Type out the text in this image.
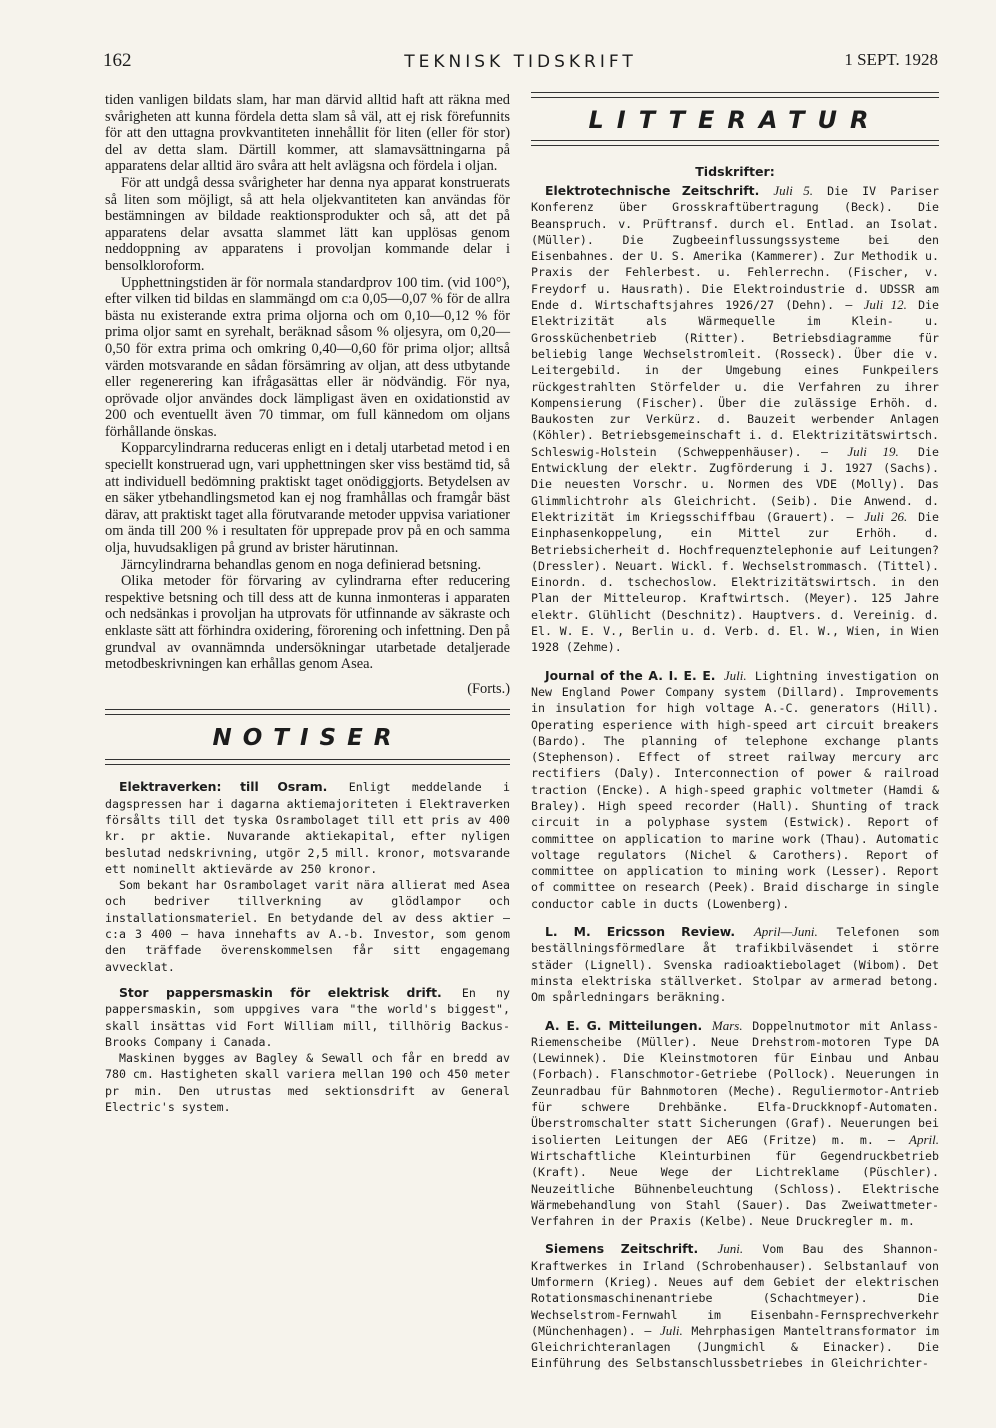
162	TEKNISK TIDSKRIFT	1 SEPT. 1928

tiden vanligen bildats slam, har man därvid alltid haft att räkna med svårigheten att kunna fördela detta slam så väl, att ej risk förefunnits för att den uttagna provkvantiteten innehållit för liten (eller för stor) del av detta slam. Därtill kommer, att slamavsättningarna på apparatens delar alltid äro svåra att helt avlägsna och fördela i oljan.

För att undgå dessa svårigheter har denna nya apparat konstruerats så liten som möjligt, så att hela oljekvantiteten kan användas för bestämningen av bildade reaktionsprodukter och så, att det på apparatens delar avsatta slammet lätt kan upplösas genom neddoppning av apparatens i provoljan kommande delar i bensolkloroform.

Upphettningstiden är för normala standardprov 100 tim. (vid 100°), efter vilken tid bildas en slammängd om c:a 0,05—0,07 % för de allra bästa nu existerande extra prima oljorna och om 0,10—0,12 % för prima oljor samt en syrehalt, beräknad såsom % oljesyra, om 0,20—0,50 för extra prima och omkring 0,40—0,60 för prima oljor; alltså värden motsvarande en sådan försämring av oljan, att dess utbytande eller regenerering kan ifrågasättas eller är nödvändig. För nya, oprövade oljor användes dock lämpligast även en oxidationstid av 200 och eventuellt även 70 timmar, om full kännedom om oljans förhållande önskas.

Kopparcylindrarna reduceras enligt en i detalj utarbetad metod i en speciellt konstruerad ugn, vari upphettningen sker viss bestämd tid, så att individuell bedömning praktiskt taget onödiggjorts. Betydelsen av en säker ytbehandlingsmetod kan ej nog framhållas och framgår bäst därav, att praktiskt taget alla förutvarande metoder uppvisa variationer om ända till 200 % i resultaten för upprepade prov på en och samma olja, huvudsakligen på grund av brister härutinnan.

Järncylindrarna behandlas genom en noga definierad betsning.

Olika metoder för förvaring av cylindrarna efter reducering respektive betsning och till dess att de kunna inmonteras i apparaten och nedsänkas i provoljan ha utprovats för utfinnande av säkraste och enklaste sätt att förhindra oxidering, förorening och infettning. Den på grundval av ovannämnda undersökningar utarbetade detaljerade metodbeskrivningen kan erhållas genom Asea.

(Forts.)

NOTISER

Elektraverken: till Osram. Enligt meddelande i dagspressen har i dagarna aktiemajoriteten i Elektraverken försålts till det tyska Osrambolaget till ett pris av 400 kr. pr aktie. Nuvarande aktiekapital, efter nyligen beslutad nedskrivning, utgör 2,5 mill. kronor, motsvarande ett nominellt aktievärde av 250 kronor.

Som bekant har Osrambolaget varit nära allierat med Asea och bedriver tillverkning av glödlampor och installationsmateriel. En betydande del av dess aktier — c:a 3 400 — hava innehafts av A.-b. Investor, som genom den träffade överenskommelsen får sitt engagemang avvecklat.

Stor pappersmaskin för elektrisk drift. En ny pappersmaskin, som uppgives vara "the world's biggest", skall insättas vid Fort William mill, tillhörig Backus-Brooks Company i Canada.

Maskinen bygges av Bagley & Sewall och får en bredd av 780 cm. Hastigheten skall variera mellan 190 och 450 meter pr min. Den utrustas med sektionsdrift av General Electric's system.

LITTERATUR
Tidskrifter:

Elektrotechnische Zeitschrift. Juli 5. Die IV Pariser Konferenz über Grosskraftübertragung (Beck). Die Beanspruch. v. Prüftransf. durch el. Entlad. an Isolat. (Müller). Die Zugbeeinflussungssysteme bei den Eisenbahnes. der U. S. Amerika (Kammerer). Zur Methodik u. Praxis der Fehlerbest. u. Fehlerrechn. (Fischer, v. Freydorf u. Hausrath). Die Elektroindustrie d. UDSSR am Ende d. Wirtschaftsjahres 1926/27 (Dehn). — Juli 12. Die Elektrizität als Wärmequelle im Klein- u. Grossküchenbetrieb (Ritter). Betriebsdiagramme für beliebig lange Wechselstromleit. (Rosseck). Über die v. Leitergebild. in der Umgebung eines Funkpeilers rückgestrahlten Störfelder u. die Verfahren zu ihrer Kompensierung (Fischer). Über die zulässige Erhöh. d. Baukosten zur Verkürz. d. Bauzeit werbender Anlagen (Köhler). Betriebsgemeinschaft i. d. Elektrizitätswirtsch. Schleswig-Holstein (Schweppenhäuser). — Juli 19. Die Entwicklung der elektr. Zugförderung i J. 1927 (Sachs). Die neuesten Vorschr. u. Normen des VDE (Molly). Das Glimmlichtrohr als Gleichricht. (Seib). Die Anwend. d. Elektrizität im Kriegsschiffbau (Grauert). — Juli 26. Die Einphasenkoppelung, ein Mittel zur Erhöh. d. Betriebsicherheit d. Hochfrequenztelephonie auf Leitungen? (Dressler). Neuart. Wickl. f. Wechselstrommasch. (Tittel). Einordn. d. tschechoslow. Elektrizitätswirtsch. in den Plan der Mitteleurop. Kraftwirtsch. (Meyer). 125 Jahre elektr. Glühlicht (Deschnitz). Hauptvers. d. Vereinig. d. El. W. E. V., Berlin u. d. Verb. d. El. W., Wien, in Wien 1928 (Zehme).

Journal of the A. I. E. E. Juli. Lightning investigation on New England Power Company system (Dillard). Improvements in insulation for high voltage A.-C. generators (Hill). Operating esperience with high-speed art circuit breakers (Bardo). The planning of telephone exchange plants (Stephenson). Effect of street railway mercury arc rectifiers (Daly). Interconnection of power & railroad traction (Encke). A high-speed graphic voltmeter (Hamdi & Braley). High speed recorder (Hall). Shunting of track circuit in a polyphase system (Estwick). Report of committee on application to marine work (Thau). Automatic voltage regulators (Nichel & Carothers). Report of committee on application to mining work (Lesser). Report of committee on research (Peek). Braid discharge in single conductor cable in ducts (Lowenberg).

L. M. Ericsson Review. April—Juni. Telefonen som beställningsförmedlare åt trafikbilväsendet i större städer (Lignell). Svenska radioaktiebolaget (Wibom). Det minsta elektriska ställverket. Stolpar av armerad betong. Om spårledningars beräkning.

A. E. G. Mitteilungen. Mars. Doppelnutmotor mit Anlass-Riemenscheibe (Müller). Neue Drehstrom-motoren Type DA (Lewinnek). Die Kleinstmotoren für Einbau und Anbau (Forbach). Flanschmotor-Getriebe (Pollock). Neuerungen in Zeunradbau für Bahnmotoren (Meche). Reguliermotor-Antrieb für schwere Drehbänke. Elfa-Druckknopf-Automaten. Überstromschalter statt Sicherungen (Graf). Neuerungen bei isolierten Leitungen der AEG (Fritze) m. m. — April. Wirtschaftliche Kleinturbinen für Gegendruckbetrieb (Kraft). Neue Wege der Lichtreklame (Püschler). Neuzeitliche Bühnenbeleuchtung (Schloss). Elektrische Wärmebehandlung von Stahl (Sauer). Das Zweiwattmeter-Verfahren in der Praxis (Kelbe). Neue Druckregler m. m.

Siemens Zeitschrift. Juni. Vom Bau des Shannon-Kraftwerkes in Irland (Schrobenhauser). Selbstanlauf von Umformern (Krieg). Neues auf dem Gebiet der elektrischen Rotationsmaschinenantriebe (Schachtmeyer). Die Wechselstrom-Fernwahl im Eisenbahn-Fernsprechverkehr (Münchenhagen). — Juli. Mehrphasigen Manteltransformator im Gleichrichteranlagen (Jungmichl & Einacker). Die Einführung des Selbstanschlussbetriebes in Gleichrichter-
